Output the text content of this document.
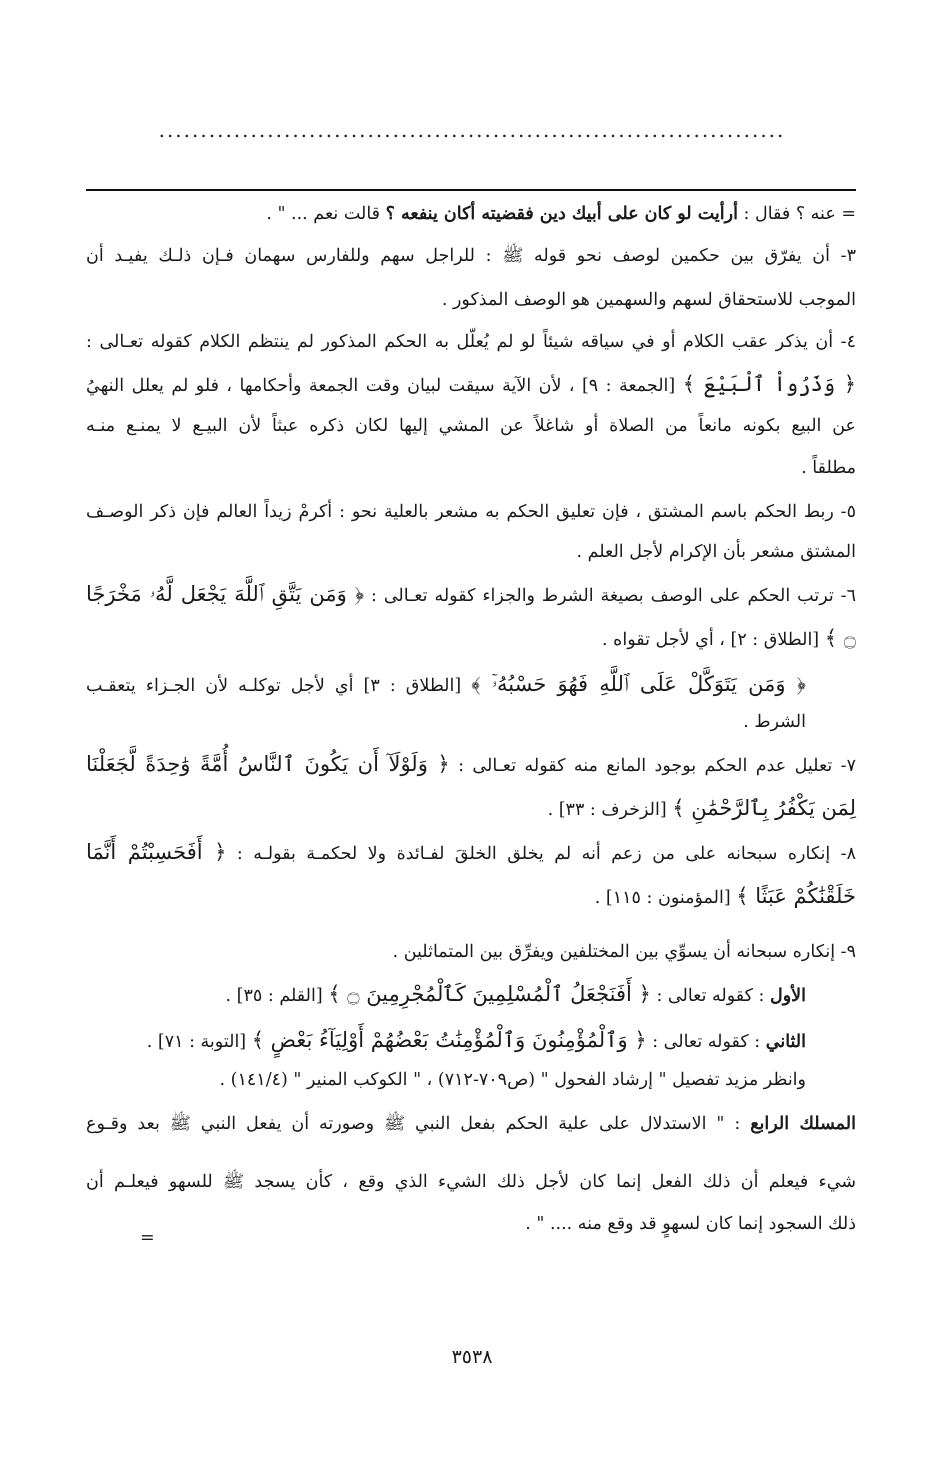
...........................................................................
= عنه ؟ فقال : أرأيت لو كان على أبيك دين فقضيته أكان ينفعه ؟ قالت نعم ... " .
٣- أن يفرّق بين حكمين لوصف نحو قوله ﷺ : للراجل سهم وللفارس سهمان فـإن ذلـك يفيـد أن
الموجب للاستحقاق لسهم والسهمين هو الوصف المذكور .
٤- أن يذكر عقب الكلام أو في سياقه شيئاً لو لم يُعلّل به الحكم المذكور لم ينتظم الكلام كقوله تعـالى :
﴿ وَذَرُواْ ٱلْبَيْعَ ﴾ [الجمعة : ٩] ، لأن الآية سيقت لبيان وقت الجمعة وأحكامها ، فلو لم يعلل النهيُ
عن البيع بكونه مانعاً من الصلاة أو شاغلاً عن المشي إليها لكان ذكره عبثاً لأن البيـع لا يمنـع منـه
مطلقاً .
٥- ربط الحكم باسم المشتق ، فإن تعليق الحكم به مشعر بالعلية نحو : أكرمْ زيداً العالم فإن ذكر الوصـف
المشتق مشعر بأن الإكرام لأجل العلم .
٦- ترتب الحكم على الوصف بصيغة الشرط والجزاء كقوله تعـالى : ﴿ وَمَن يَتَّقِ ٱللَّهَ يَجْعَل لَّهُۥ مَخْرَجًا
۝ ﴾ [الطلاق : ٢] ، أي لأجل تقواه .
﴿ وَمَن يَتَوَكَّلْ عَلَى ٱللَّهِ فَهُوَ حَسْبُهُۥٓ ﴾ [الطلاق : ٣] أي لأجل توكلـه لأن الجـزاء يتعقـب
الشرط .
٧- تعليل عدم الحكم بوجود المانع منه كقوله تعـالى : ﴿ وَلَوْلَآ أَن يَكُونَ ٱلنَّاسُ أُمَّةً وَٰحِدَةً لَّجَعَلْنَا
لِمَن يَكْفُرُ بِٱلرَّحْمَٰنِ ﴾ [الزخرف : ٣٣] .
٨- إنكاره سبحانه على من زعم أنه لم يخلق الخلقَ لفـائدة ولا لحكمـة بقولـه : ﴿ أَفَحَسِبْتُمْ أَنَّمَا
خَلَقْنَٰكُمْ عَبَثًا ﴾ [المؤمنون : ١١٥] .
٩- إنكاره سبحانه أن يسوِّي بين المختلفين ويفرِّق بين المتماثلين .
الأول : كقوله تعالى : ﴿ أَفَنَجْعَلُ ٱلْمُسْلِمِينَ كَٱلْمُجْرِمِينَ ۝ ﴾ [القلم : ٣٥] .
الثاني : كقوله تعالى : ﴿ وَٱلْمُؤْمِنُونَ وَٱلْمُؤْمِنَٰتُ بَعْضُهُمْ أَوْلِيَآءُ بَعْضٍ ﴾ [التوبة : ٧١] .
وانظر مزيد تفصيل " إرشاد الفحول " (ص٧٠٩-٧١٢) ، " الكوكب المنير " (١٤١/٤) .
المسلك الرابع : " الاستدلال على علية الحكم بفعل النبي ﷺ وصورته أن يفعل النبي ﷺ بعد وقـوع
شيء فيعلم أن ذلك الفعل إنما كان لأجل ذلك الشيء الذي وقع ، كأن يسجد ﷺ للسهو فيعلـم أن
ذلك السجود إنما كان لسهوٍ قد وقع منه .... " .
=
٣٥٣٨
